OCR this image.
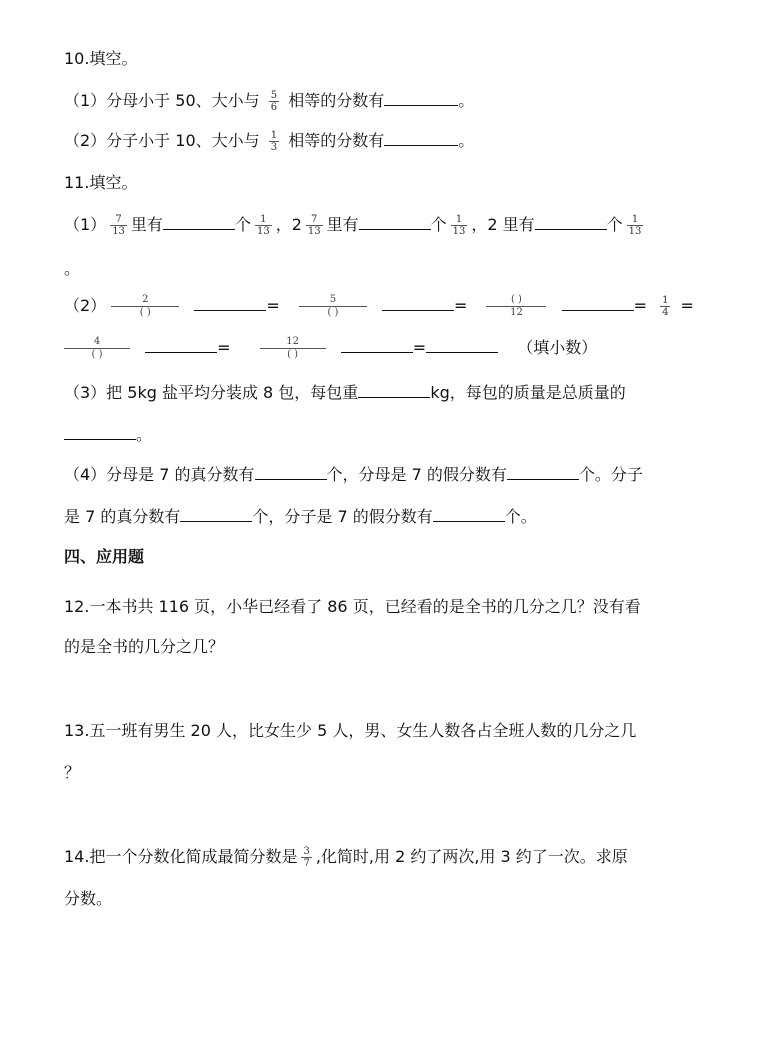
10.填空。
（1）分母小于 50、大小与 $\frac{5}{6}$ 相等的分数有	。
（2）分子小于 10、大小与 $\frac{1}{3}$ 相等的分数有	。
11.填空。
$(1) \frac{7}{13}$ 里有	个 $\frac{1}{13}$ ，$2 \frac{7}{13}$ 里有	个 $\frac{1}{13}$ ，2 里有	个 $\frac{1}{13}$
。
（2）	2
( )	=	5
( )	=	( )
12	= $\frac{1}{4}$ =
4
( )	=	12
( )	=	（填小数）
（3）把 5kg 盐平均分装成 8 包，每包重	kg，每包的质量是总质量的
。
（4）分母是 7 的真分数有	个，分母是 7 的假分数有	个。分子
是 7 的真分数有	个，分子是 7 的假分数有	个。
四、应用题
12.一本书共 116 页，小华已经看了 86 页，已经看的是全书的几分之几？没有看
的是全书的几分之几？
13.五一班有男生 20 人，比女生少 5 人，男、女生人数各占全班人数的几分之几
？
14.把一个分数化简成最简分数是 $\frac{3}{7}$ ,化简时,用 2 约了两次,用 3 约了一次。求原
分数。
